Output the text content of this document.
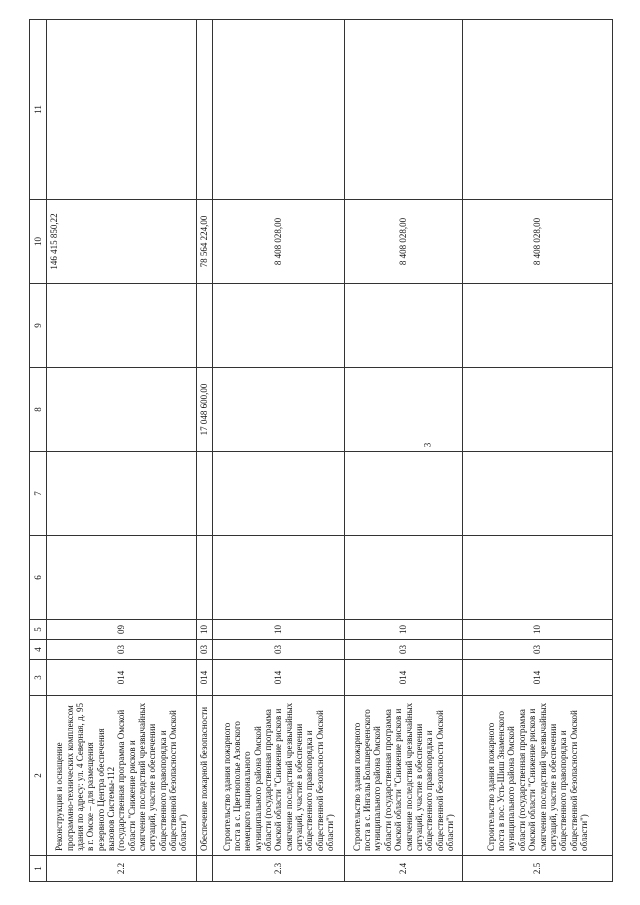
3
1	2	3	4	5	6	7	8	9	10	11
2.2	Реконструкция и оснащение программно-технических комплексом здания по адресу: ул. 4 Северная, д. 95 в г. Омске – для размещения резервного Центра обеспечения вызовов Системы-112 (государственная программа Омской области "Снижение рисков и смягчение последствий чрезвычайных ситуаций, участие в обеспечении общественного правопорядка и общественной безопасности Омской области")	014	03	09					146 415 850,22	
	Обеспечение пожарной безопасности	014	03	10			17 048 600,00		78 564 224,00	
2.3	Строительство здания пожарного поста в с. Цветнополье Азовского немецкого национального муниципального района Омской области (государственная программа Омской области "Снижение рисков и смягчение последствий чрезвычайных ситуаций, участие в обеспечении общественного правопорядка и общественной безопасности Омской области")	014	03	10					8 408 028,00	
2.4	Строительство здания пожарного поста в с. Ингалы Большереченского муниципального района Омской области (государственная программа Омской области "Снижение рисков и смягчение последствий чрезвычайных ситуаций, участие в обеспечении общественного правопорядка и общественной безопасности Омской области")	014	03	10					8 408 028,00	
2.5	Строительство здания пожарного поста в пос. Усть-Шиш Знаменского муниципального района Омской области (государственная программа Омской области "Снижение рисков и смягчение последствий чрезвычайных ситуаций, участие в обеспечении общественного правопорядка и общественной безопасности Омской области")	014	03	10					8 408 028,00	
